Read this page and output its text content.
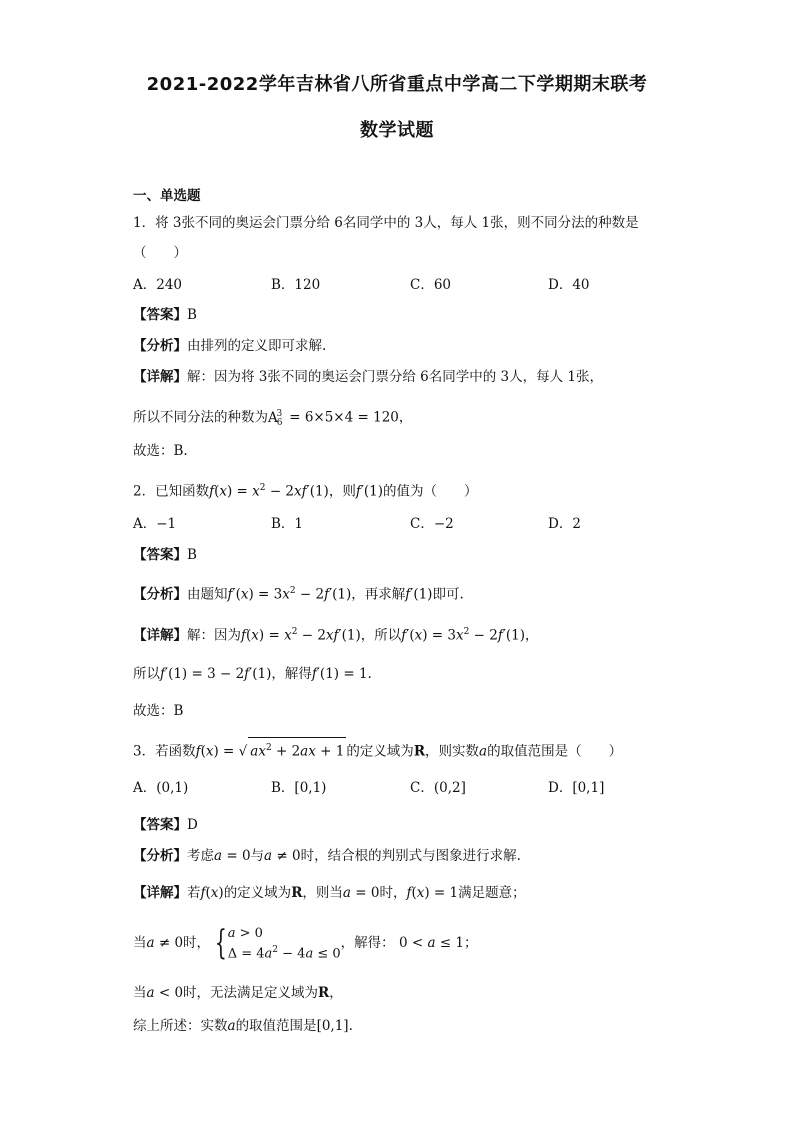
2021-2022学年吉林省八所省重点中学高二下学期期末联考
数学试题
一、单选题
1．将 3张不同的奥运会门票分给 6名同学中的 3人，每人 1张，则不同分法的种数是
（　　）
A．240	B．120	C．60	D．40
【答案】B
【分析】由排列的定义即可求解.
【详解】解：因为将 3张不同的奥运会门票分给 6名同学中的 3人，每人 1张，
所以不同分法的种数为$A_6^3 = 6\times 5\times 4 = 120$，
故选：B.
2．已知函数$f(x) = x^2 - 2xf'(1)$，则f′(1)的值为（　　）
A．−1	B．1	C．−2	D．2
【答案】B
【分析】由题知$f'(x) = 3x^2 - 2f'(1)$，再求解f′(1)即可.
【详解】解：因为$f(x) = x^2 - 2xf'(1)$，所以$f'(x) = 3x^2 - 2f'(1)$，
所以f′(1) = 3 − 2f′(1)，解得f′(1) = 1.
故选：B
3．若函数f(x) = √ $ax^2 + 2ax + 1$ 的定义域为R，则实数a的取值范围是（　　）
A．(0,1)	B．[0,1)	C．(0,2]	D．[0,1]
【答案】D
【分析】考虑a = 0与a ≠ 0时，结合根的判别式与图象进行求解.
【详解】若f(x)的定义域为R，则当a = 0时，f(x) = 1满足题意；
当a ≠ 0时， { a > 0
$\Delta = 4a^2 - 4a \le 0$
，解得： 0 < a ≤ 1；
当a < 0时，无法满足定义域为R，
综上所述：实数a的取值范围是[0,1].
